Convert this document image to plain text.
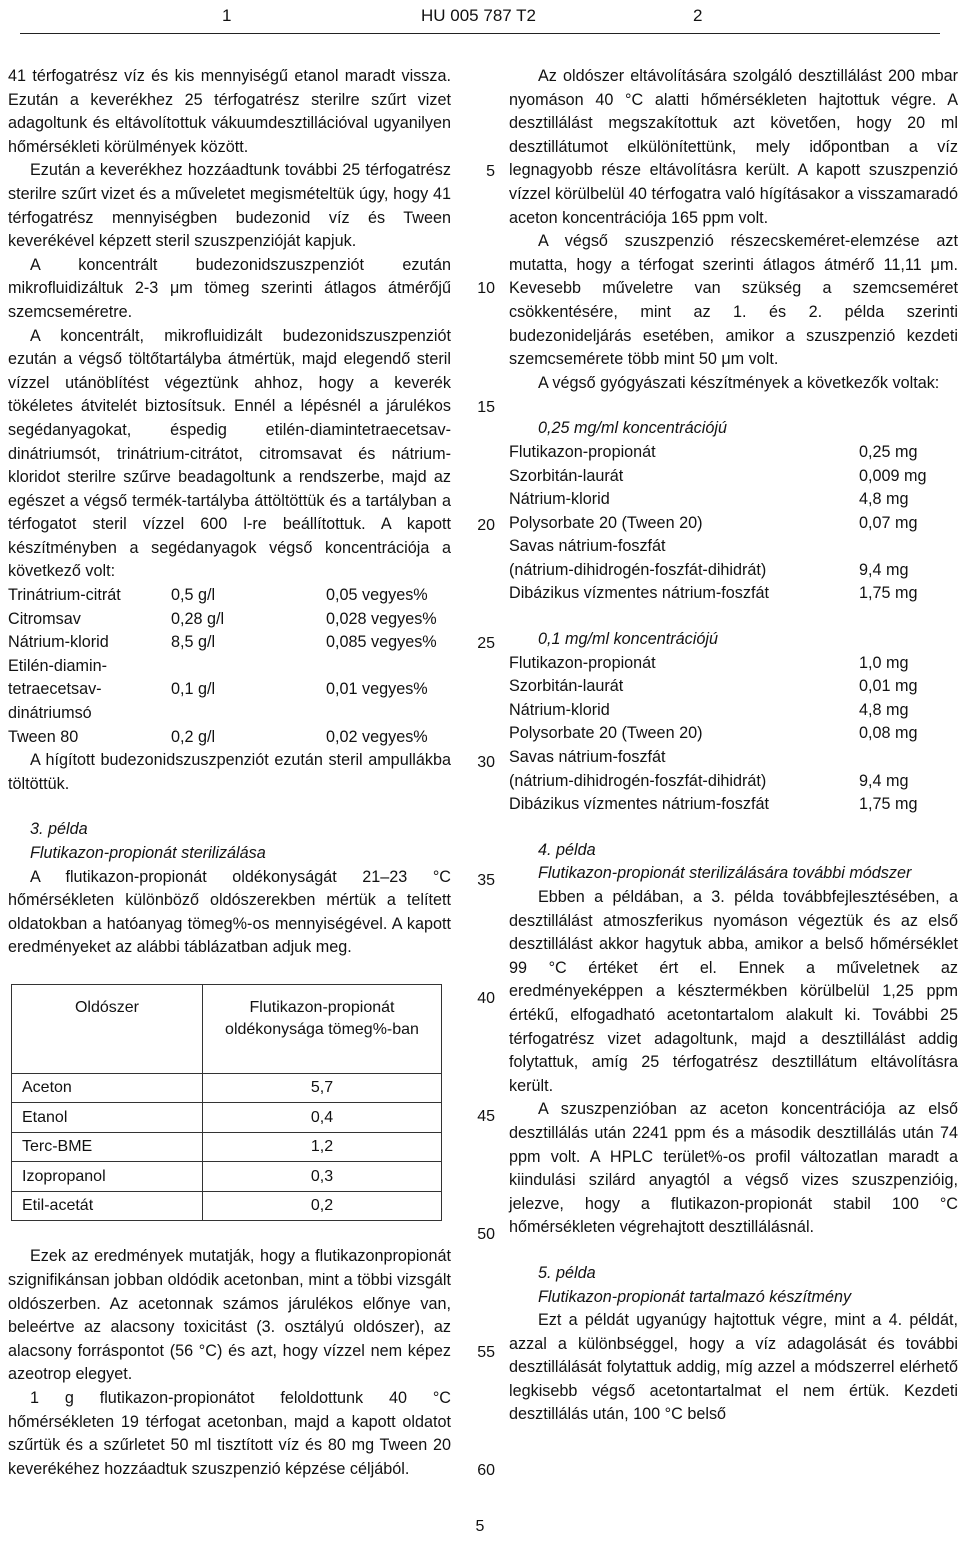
1	HU 005 787 T2	2

41 térfogatrész víz és kis mennyiségű etanol maradt vissza. Ezután a keverékhez 25 térfogatrész sterilre szűrt vizet adagoltunk és eltávolítottuk vákuumdesztillációval ugyanilyen hőmérsékleti körülmények között.

Ezután a keverékhez hozzáadtunk további 25 térfogatrész sterilre szűrt vizet és a műveletet megismételtük úgy, hogy 41 térfogatrész mennyiségben budezonid víz és Tween keverékével képzett steril szuszpenzióját kapjuk.

A koncentrált budezonidszuszpenziót ezután mikrofluidizáltuk 2-3 μm tömeg szerinti átlagos átmérőjű szemcseméretre.

A koncentrált, mikrofluidizált budezonidszuszpenziót ezután a végső töltőtartályba átmértük, majd elegendő steril vízzel utánöblítést végeztünk ahhoz, hogy a keverék tökéletes átvitelét biztosítsuk. Ennél a lépésnél a járulékos segédanyagokat, éspedig etilén-diamintetraecetsav-dinátriumsót, trinátrium-citrátot, citromsavat és nátrium-kloridot sterilre szűrve beadagoltunk a rendszerbe, majd az egészet a végső termék-tartályba áttöltöttük és a tartályban a térfogatot steril vízzel 600 l-re beállítottuk. A kapott készítményben a segédanyagok végső koncentrációja a következő volt:

Trinátrium-citrát	0,5 g/l	0,05 vegyes%
Citromsav	0,28 g/l	0,028 vegyes%
Nátrium-klorid	8,5 g/l	0,085 vegyes%
Etilén-diamin-
tetraecetsav-dinátriumsó
0,1 g/l	0,01 vegyes%
Tween 80	0,2 g/l	0,02 vegyes%

A hígított budezonidszuszpenziót ezután steril ampullákba töltöttük.

3. példa

Flutikazon-propionát sterilizálása

A flutikazon-propionát oldékonyságát 21–23 °C hőmérsékleten különböző oldószerekben mértük a telített oldatokban a hatóanyag tömeg%-os mennyiségével. A kapott eredményeket az alábbi táblázatban adjuk meg.

Oldószer	Flutikazon-propionát oldékonysága tömeg%-ban
Aceton	5,7
Etanol	0,4
Terc-BME	1,2
Izopropanol	0,3
Etil-acetát	0,2

Ezek az eredmények mutatják, hogy a flutikazonpropionát szignifikánsan jobban oldódik acetonban, mint a többi vizsgált oldószerben. Az acetonnak számos járulékos előnye van, beleértve az alacsony toxicitást (3. osztályú oldószer), az alacsony forráspontot (56 °C) és azt, hogy vízzel nem képez azeotrop elegyet.

1 g flutikazon-propionátot feloldottunk 40 °C hőmérsékleten 19 térfogat acetonban, majd a kapott oldatot szűrtük és a szűrletet 50 ml tisztított víz és 80 mg Tween 20 keverékéhez hozzáadtuk szuszpenzió képzése céljából.

5
10
15
20
25
30
35
40
45
50
55
60

Az oldószer eltávolítására szolgáló desztillálást 200 mbar nyomáson 40 °C alatti hőmérsékleten hajtottuk végre. A desztillálást megszakítottuk azt követően, hogy 20 ml desztillátumot elkülönítettünk, mely időpontban a víz legnagyobb része eltávolításra került. A kapott szuszpenzió vízzel körülbelül 40 térfogatra való hígításakor a visszamaradó aceton koncentrációja 165 ppm volt.

A végső szuszpenzió részecskeméret-elemzése azt mutatta, hogy a térfogat szerinti átlagos átmérő 11,11 μm. Kevesebb műveletre van szükség a szemcseméret csökkentésére, mint az 1. és 2. példa szerinti budezonideljárás esetében, amikor a szuszpenzió kezdeti szemcsemérete több mint 50 μm volt.

A végső gyógyászati készítmények a következők voltak:

0,25 mg/ml koncentrációjú

Flutikazon-propionát	0,25 mg
Szorbitán-laurát	0,009 mg
Nátrium-klorid	4,8 mg
Polysorbate 20 (Tween 20)	0,07 mg
Savas nátrium-foszfát
(nátrium-dihidrogén-foszfát-dihidrát)	9,4 mg
Dibázikus vízmentes nátrium-foszfát	1,75 mg

0,1 mg/ml koncentrációjú

Flutikazon-propionát	1,0 mg
Szorbitán-laurát	0,01 mg
Nátrium-klorid	4,8 mg
Polysorbate 20 (Tween 20)	0,08 mg
Savas nátrium-foszfát
(nátrium-dihidrogén-foszfát-dihidrát)	9,4 mg
Dibázikus vízmentes nátrium-foszfát	1,75 mg

4. példa

Flutikazon-propionát sterilizálására további módszer

Ebben a példában, a 3. példa továbbfejlesztésében, a desztillálást atmoszferikus nyomáson végeztük és az első desztillálást akkor hagytuk abba, amikor a belső hőmérséklet 99 °C értéket ért el. Ennek a műveletnek az eredményeképpen a késztermékben körülbelül 1,25 ppm értékű, elfogadható acetontartalom alakult ki. További 25 térfogatrész vizet adagoltunk, majd a desztillálást addig folytattuk, amíg 25 térfogatrész desztillátum eltávolításra került.

A szuszpenzióban az aceton koncentrációja az első desztillálás után 2241 ppm és a második desztillálás után 74 ppm volt. A HPLC terület%-os profil változatlan maradt a kiindulási szilárd anyagtól a végső vizes szuszpenzióig, jelezve, hogy a flutikazon-propionát stabil 100 °C hőmérsékleten végrehajtott desztillálásnál.

5. példa

Flutikazon-propionát tartalmazó készítmény

Ezt a példát ugyanúgy hajtottuk végre, mint a 4. példát, azzal a különbséggel, hogy a víz adagolását és további desztillálását folytattuk addig, míg azzel a módszerrel elérhető legkisebb végső acetontartalmat el nem értük. Kezdeti desztillálás után, 100 °C belső

5
